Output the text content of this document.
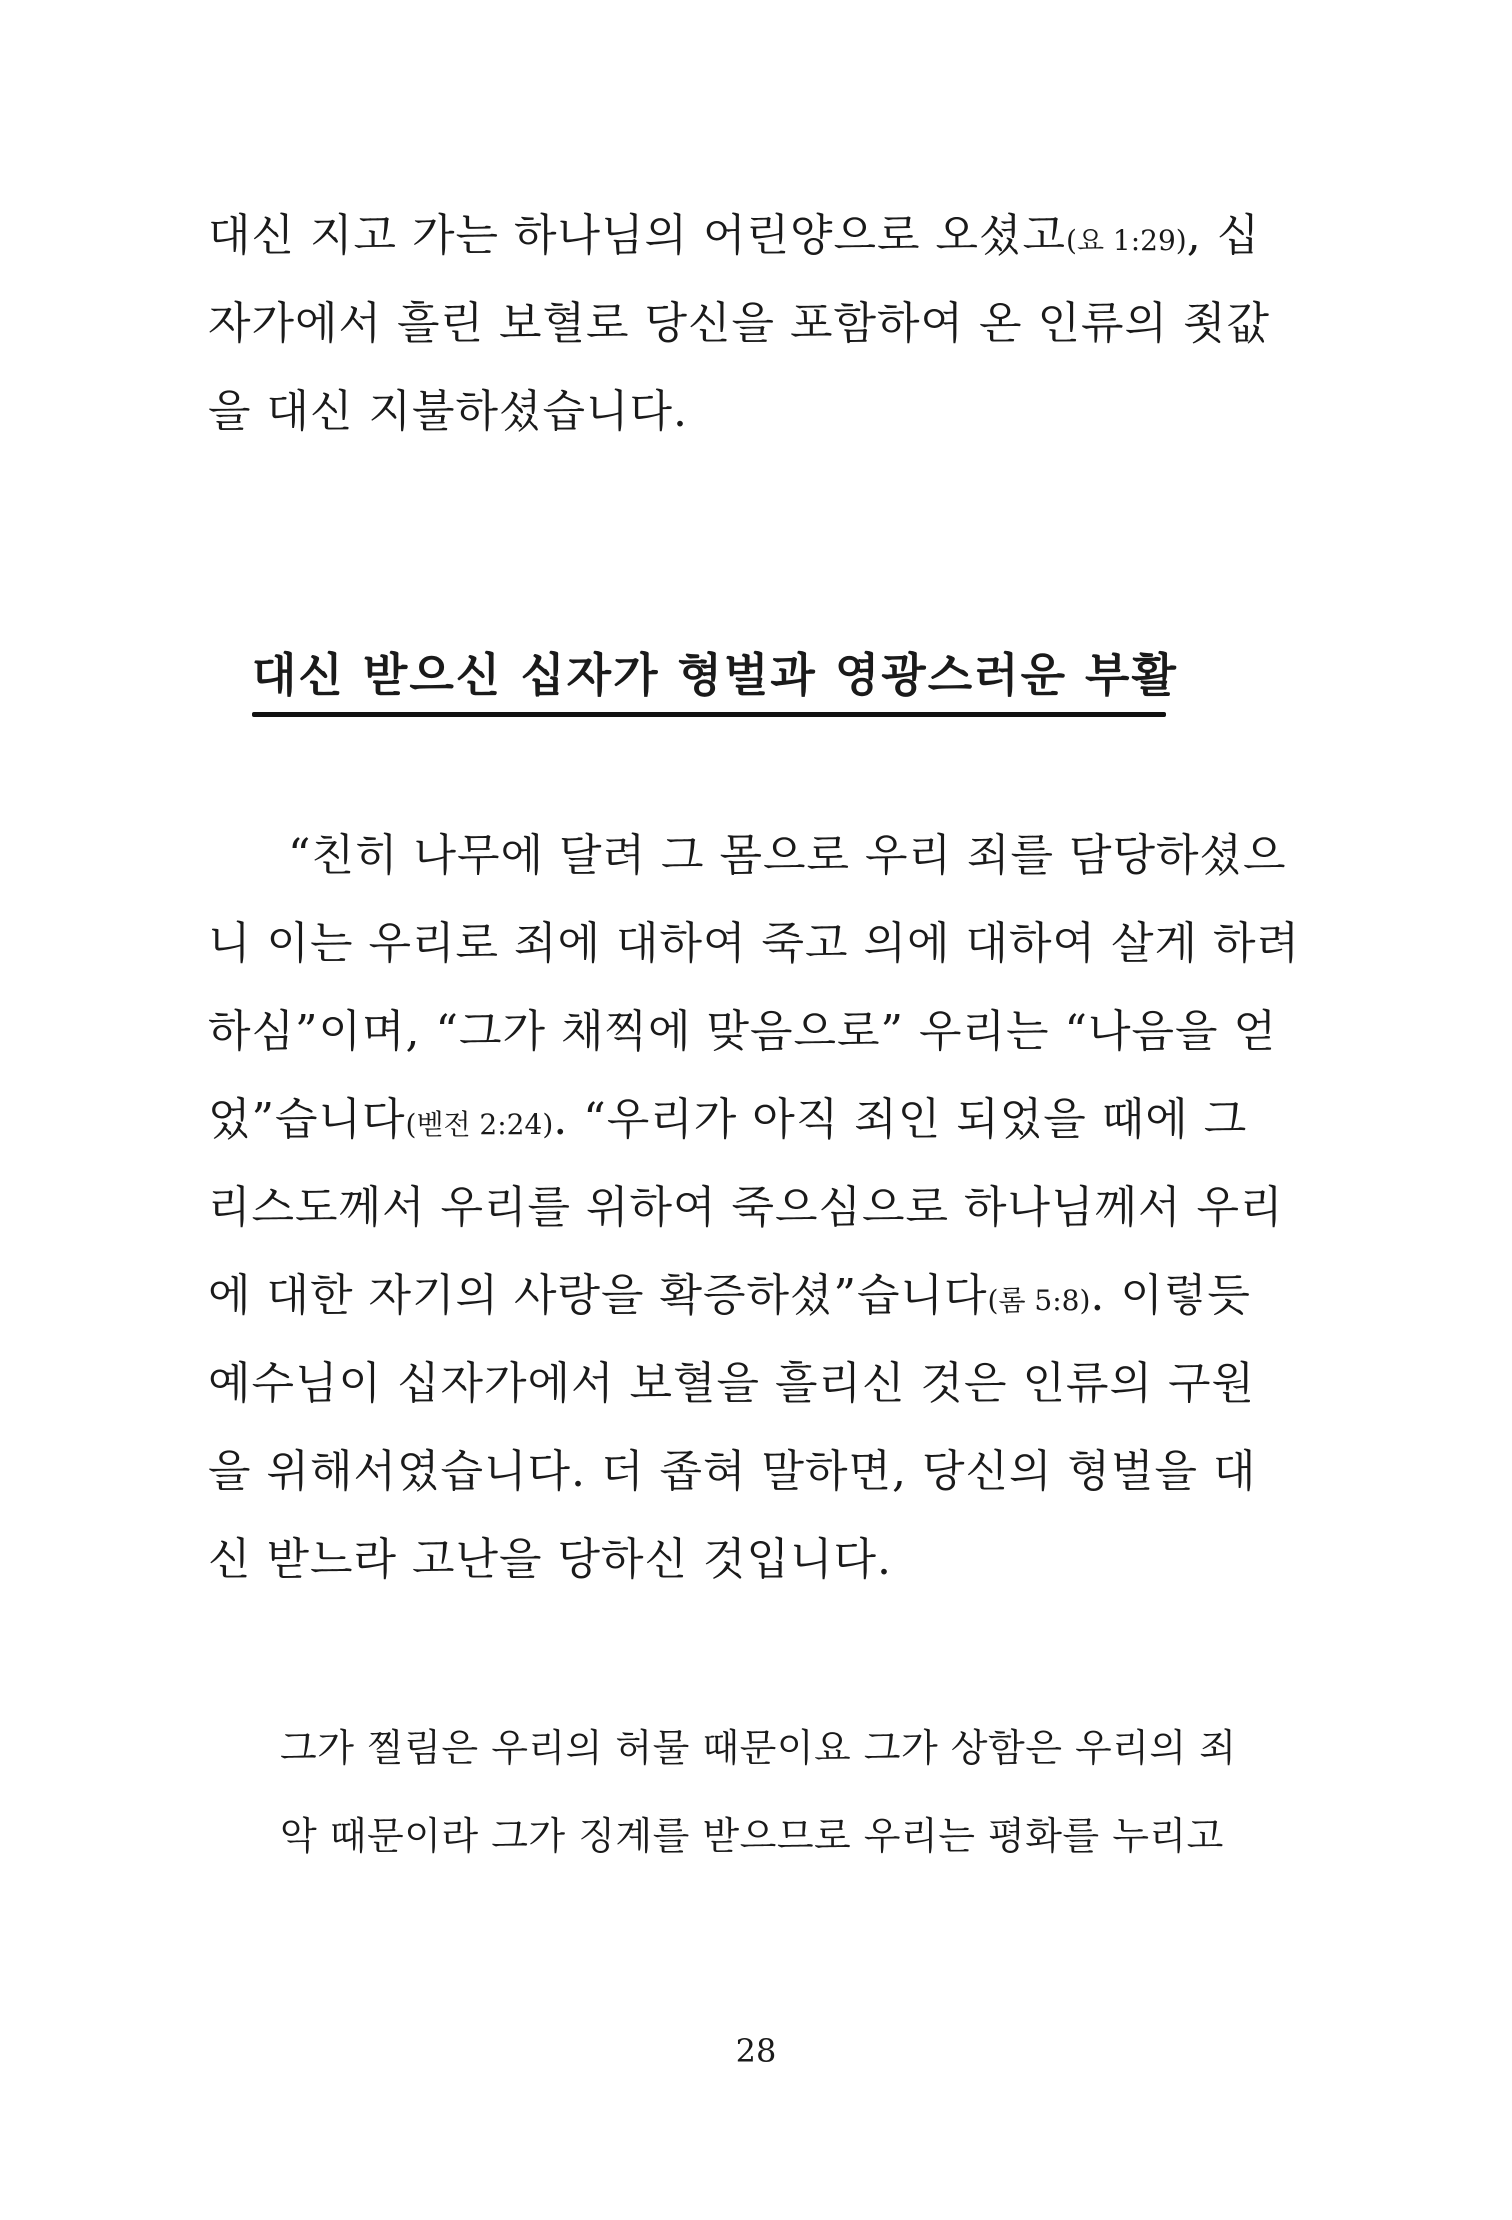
대신 지고 가는 하나님의 어린양으로 오셨고(요 1:29), 십
자가에서 흘린 보혈로 당신을 포함하여 온 인류의 죗값
을 대신 지불하셨습니다.
대신 받으신 십자가 형벌과 영광스러운 부활
“친히 나무에 달려 그 몸으로 우리 죄를 담당하셨으
니 이는 우리로 죄에 대하여 죽고 의에 대하여 살게 하려
하심”이며, “그가 채찍에 맞음으로” 우리는 “나음을 얻
었”습니다(벧전 2:24). “우리가 아직 죄인 되었을 때에 그
리스도께서 우리를 위하여 죽으심으로 하나님께서 우리
에 대한 자기의 사랑을 확증하셨”습니다(롬 5:8). 이렇듯
예수님이 십자가에서 보혈을 흘리신 것은 인류의 구원
을 위해서였습니다. 더 좁혀 말하면, 당신의 형벌을 대
신 받느라 고난을 당하신 것입니다.
그가 찔림은 우리의 허물 때문이요 그가 상함은 우리의 죄
악 때문이라 그가 징계를 받으므로 우리는 평화를 누리고
28
